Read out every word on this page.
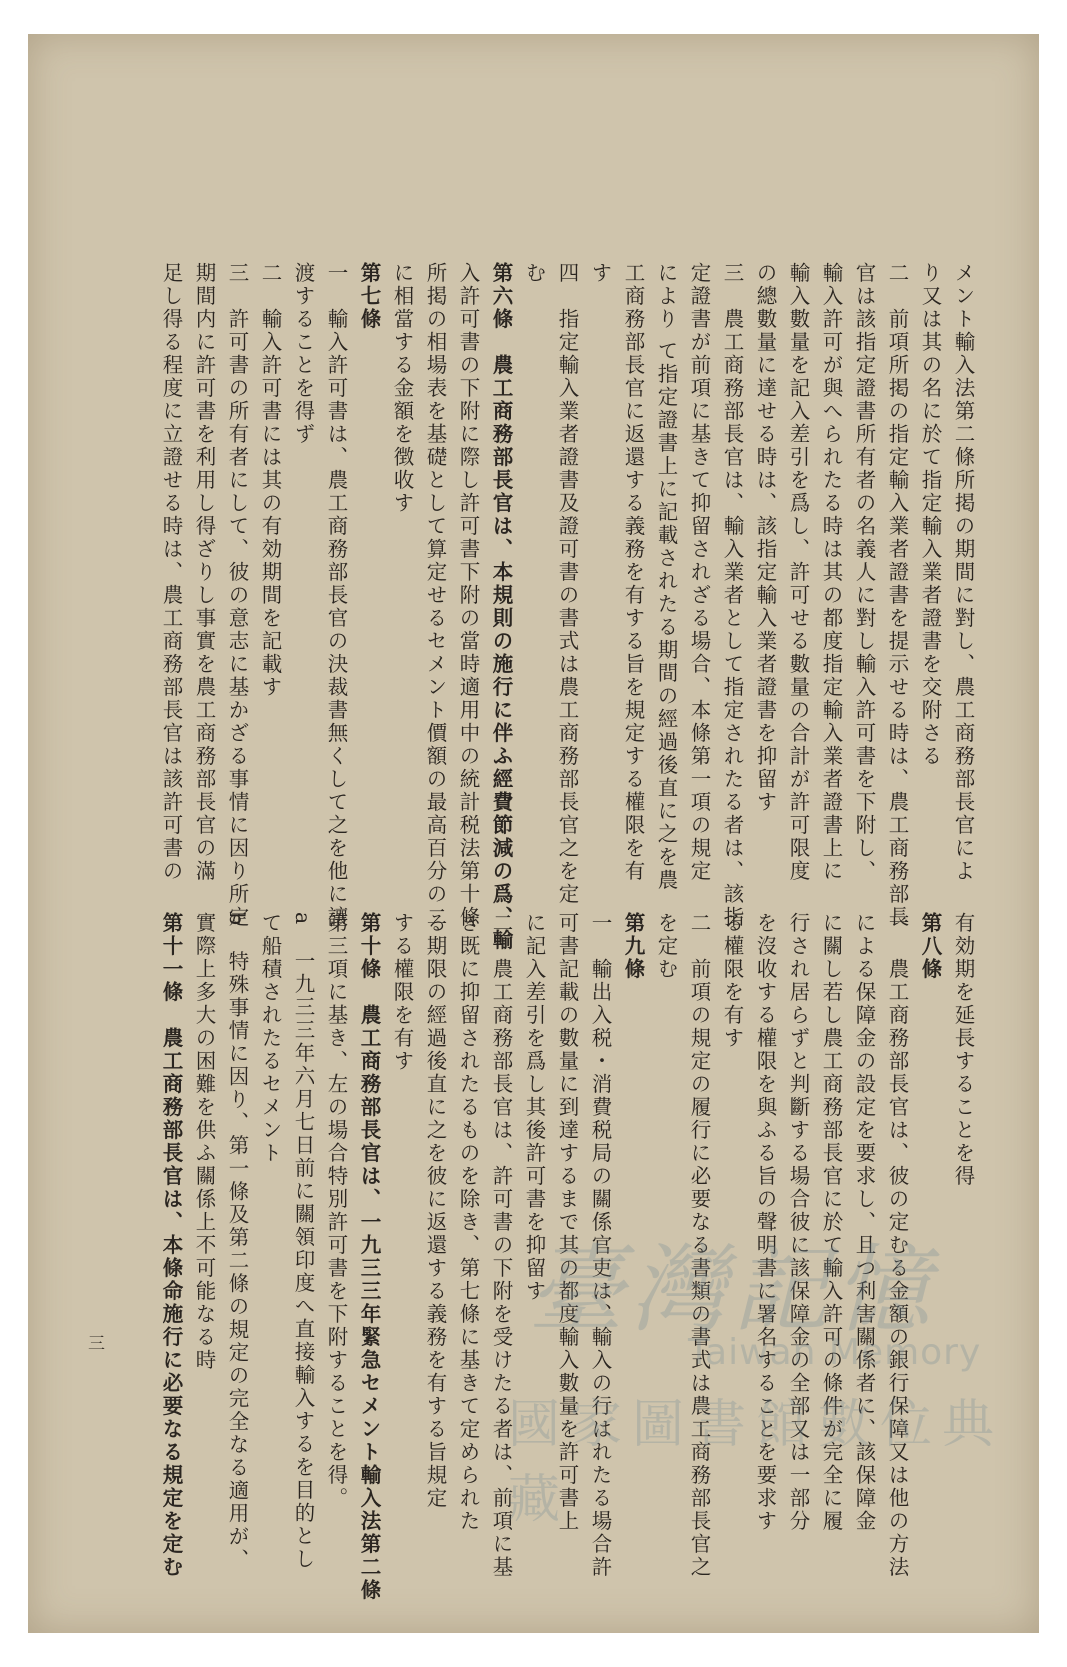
メント輸入法第二條所掲の期間に對し、農工商務部長官によ
り又は其の名に於て指定輸入業者證書を交附さる
二　前項所掲の指定輸入業者證書を提示せる時は、農工商務部長
官は該指定證書所有者の名義人に對し輸入許可書を下附し、
輸入許可が與へられたる時は其の都度指定輸入業者證書上に
輸入數量を記入差引を爲し、許可せる數量の合計が許可限度
の總數量に達せる時は、該指定輸入業者證書を抑留す
三　農工商務部長官は、輸入業者として指定されたる者は、該指
定證書が前項に基きて抑留されざる場合、本條第一項の規定
により て指定證書上に記載されたる期間の經過後直に之を農
工商務部長官に返還する義務を有する旨を規定する權限を有
す
四　指定輸入業者證書及證可書の書式は農工商務部長官之を定
む
第六條　農工商務部長官は、本規則の施行に伴ふ經費節減の爲、輸
入許可書の下附に際し許可書下附の當時適用中の統計税法第十條
所掲の相場表を基礎として算定せるセメント價額の最高百分の二
に相當する金額を徴收す
第七條
一　輸入許可書は、農工商務部長官の決裁書無くして之を他に讓
渡することを得ず
二　輸入許可書には其の有効期間を記載す
三　許可書の所有者にして、彼の意志に基かざる事情に因り所定
期間内に許可書を利用し得ざりし事實を農工商務部長官の滿
足し得る程度に立證せる時は、農工商務部長官は該許可書の
有効期を延長することを得
第八條
一　農工商務部長官は、彼の定むる金額の銀行保障又は他の方法
による保障金の設定を要求し、且つ利害關係者に、該保障金
に關し若し農工商務部長官に於て輸入許可の條件が完全に履
行され居らずと判斷する場合彼に該保障金の全部又は一部分
を沒收する權限を與ふる旨の聲明書に署名することを要求す
る權限を有す
二　前項の規定の履行に必要なる書類の書式は農工商務部長官之
を定む
第九條
一　輸出入税・消費税局の關係官吏は、輸入の行はれたる場合許
可書記載の數量に到達するまで其の都度輸入數量を許可書上
に記入差引を爲し其後許可書を抑留す
二　農工商務部長官は、許可書の下附を受けたる者は、前項に基
き既に抑留されたるものを除き、第七條に基きて定められた
る期限の經過後直に之を彼に返還する義務を有する旨規定
する權限を有す
第十條　農工商務部長官は、一九三三年緊急セメント輸入法第二條
第三項に基き、左の場合特別許可書を下附することを得。
a　一九三三年六月七日前に關領印度へ直接輸入するを目的とし
て船積されたるセメント
b　特殊事情に因り、第一條及第二條の規定の完全なる適用が、
實際上多大の困難を供ふ關係上不可能なる時
第十一條　農工商務部長官は、本條命施行に必要なる規定を定む
三	臺灣記憶
Taiwan Memory
國家圖書館數位典藏
